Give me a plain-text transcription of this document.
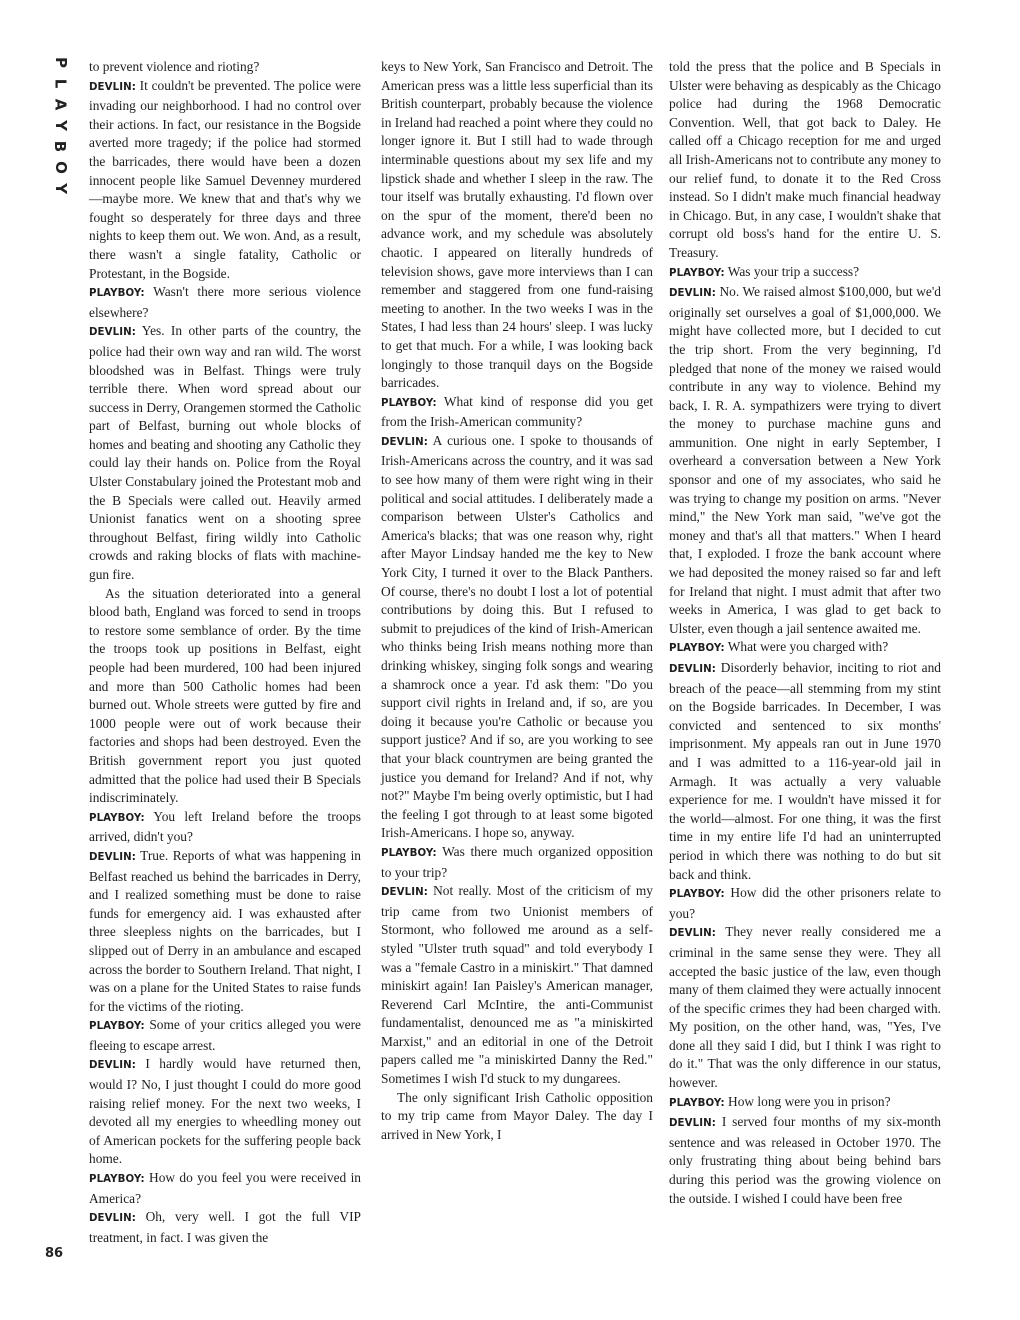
P
L
A
Y
B
O
Y
86

to prevent violence and rioting?

DEVLIN: It couldn't be prevented. The police were invading our neighborhood. I had no control over their actions. In fact, our resistance in the Bogside averted more tragedy; if the police had stormed the barricades, there would have been a dozen innocent people like Samuel Devenney murdered—maybe more. We knew that and that's why we fought so desperately for three days and three nights to keep them out. We won. And, as a result, there wasn't a single fatality, Catholic or Protestant, in the Bogside.

PLAYBOY: Wasn't there more serious violence elsewhere?

DEVLIN: Yes. In other parts of the country, the police had their own way and ran wild. The worst bloodshed was in Belfast. Things were truly terrible there. When word spread about our success in Derry, Orangemen stormed the Catholic part of Belfast, burning out whole blocks of homes and beating and shooting any Catholic they could lay their hands on. Police from the Royal Ulster Constabulary joined the Protestant mob and the B Specials were called out. Heavily armed Unionist fanatics went on a shooting spree throughout Belfast, firing wildly into Catholic crowds and raking blocks of flats with machine-gun fire.

As the situation deteriorated into a general blood bath, England was forced to send in troops to restore some semblance of order. By the time the troops took up positions in Belfast, eight people had been murdered, 100 had been injured and more than 500 Catholic homes had been burned out. Whole streets were gutted by fire and 1000 people were out of work because their factories and shops had been destroyed. Even the British government report you just quoted admitted that the police had used their B Specials indiscriminately.

PLAYBOY: You left Ireland before the troops arrived, didn't you?

DEVLIN: True. Reports of what was happening in Belfast reached us behind the barricades in Derry, and I realized something must be done to raise funds for emergency aid. I was exhausted after three sleepless nights on the barricades, but I slipped out of Derry in an ambulance and escaped across the border to Southern Ireland. That night, I was on a plane for the United States to raise funds for the victims of the rioting.

PLAYBOY: Some of your critics alleged you were fleeing to escape arrest.

DEVLIN: I hardly would have returned then, would I? No, I just thought I could do more good raising relief money. For the next two weeks, I devoted all my energies to wheedling money out of American pockets for the suffering people back home.

PLAYBOY: How do you feel you were received in America?

DEVLIN: Oh, very well. I got the full VIP treatment, in fact. I was given the

keys to New York, San Francisco and Detroit. The American press was a little less superficial than its British counterpart, probably because the violence in Ireland had reached a point where they could no longer ignore it. But I still had to wade through interminable questions about my sex life and my lipstick shade and whether I sleep in the raw. The tour itself was brutally exhausting. I'd flown over on the spur of the moment, there'd been no advance work, and my schedule was absolutely chaotic. I appeared on literally hundreds of television shows, gave more interviews than I can remember and staggered from one fund-raising meeting to another. In the two weeks I was in the States, I had less than 24 hours' sleep. I was lucky to get that much. For a while, I was looking back longingly to those tranquil days on the Bogside barricades.

PLAYBOY: What kind of response did you get from the Irish-American community?

DEVLIN: A curious one. I spoke to thousands of Irish-Americans across the country, and it was sad to see how many of them were right wing in their political and social attitudes. I deliberately made a comparison between Ulster's Catholics and America's blacks; that was one reason why, right after Mayor Lindsay handed me the key to New York City, I turned it over to the Black Panthers. Of course, there's no doubt I lost a lot of potential contributions by doing this. But I refused to submit to prejudices of the kind of Irish-American who thinks being Irish means nothing more than drinking whiskey, singing folk songs and wearing a shamrock once a year. I'd ask them: "Do you support civil rights in Ireland and, if so, are you doing it because you're Catholic or because you support justice? And if so, are you working to see that your black countrymen are being granted the justice you demand for Ireland? And if not, why not?" Maybe I'm being overly optimistic, but I had the feeling I got through to at least some bigoted Irish-Americans. I hope so, anyway.

PLAYBOY: Was there much organized opposition to your trip?

DEVLIN: Not really. Most of the criticism of my trip came from two Unionist members of Stormont, who followed me around as a self-styled "Ulster truth squad" and told everybody I was a "female Castro in a miniskirt." That damned miniskirt again! Ian Paisley's American manager, Reverend Carl McIntire, the anti-Communist fundamentalist, denounced me as "a miniskirted Marxist," and an editorial in one of the Detroit papers called me "a miniskirted Danny the Red." Sometimes I wish I'd stuck to my dungarees.

The only significant Irish Catholic opposition to my trip came from Mayor Daley. The day I arrived in New York, I

told the press that the police and B Specials in Ulster were behaving as despicably as the Chicago police had during the 1968 Democratic Convention. Well, that got back to Daley. He called off a Chicago reception for me and urged all Irish-Americans not to contribute any money to our relief fund, to donate it to the Red Cross instead. So I didn't make much financial headway in Chicago. But, in any case, I wouldn't shake that corrupt old boss's hand for the entire U. S. Treasury.

PLAYBOY: Was your trip a success?

DEVLIN: No. We raised almost $100,000, but we'd originally set ourselves a goal of $1,000,000. We might have collected more, but I decided to cut the trip short. From the very beginning, I'd pledged that none of the money we raised would contribute in any way to violence. Behind my back, I. R. A. sympathizers were trying to divert the money to purchase machine guns and ammunition. One night in early September, I overheard a conversation between a New York sponsor and one of my associates, who said he was trying to change my position on arms. "Never mind," the New York man said, "we've got the money and that's all that matters." When I heard that, I exploded. I froze the bank account where we had deposited the money raised so far and left for Ireland that night. I must admit that after two weeks in America, I was glad to get back to Ulster, even though a jail sentence awaited me.

PLAYBOY: What were you charged with?

DEVLIN: Disorderly behavior, inciting to riot and breach of the peace—all stemming from my stint on the Bogside barricades. In December, I was convicted and sentenced to six months' imprisonment. My appeals ran out in June 1970 and I was admitted to a 116-year-old jail in Armagh. It was actually a very valuable experience for me. I wouldn't have missed it for the world—almost. For one thing, it was the first time in my entire life I'd had an uninterrupted period in which there was nothing to do but sit back and think.

PLAYBOY: How did the other prisoners relate to you?

DEVLIN: They never really considered me a criminal in the same sense they were. They all accepted the basic justice of the law, even though many of them claimed they were actually innocent of the specific crimes they had been charged with. My position, on the other hand, was, "Yes, I've done all they said I did, but I think I was right to do it." That was the only difference in our status, however.

PLAYBOY: How long were you in prison?

DEVLIN: I served four months of my six-month sentence and was released in October 1970. The only frustrating thing about being behind bars during this period was the growing violence on the outside. I wished I could have been free
